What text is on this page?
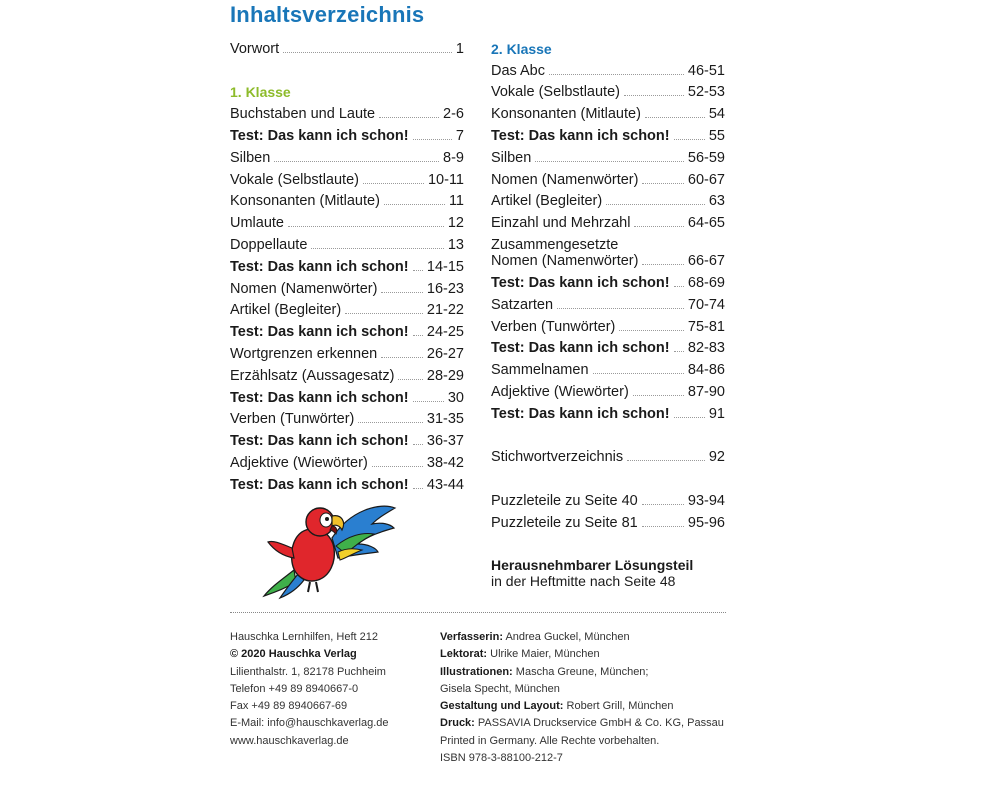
Inhaltsverzeichnis
Vorwort	1
1. Klasse
Buchstaben und Laute	2-6
Test: Das kann ich schon!	7
Silben	8-9
Vokale (Selbstlaute)	10-11
Konsonanten (Mitlaute)	11
Umlaute	12
Doppellaute	13
Test: Das kann ich schon! 14-15
Nomen (Namenwörter)	16-23
Artikel (Begleiter)	21-22
Test: Das kann ich schon! 24-25
Wortgrenzen erkennen	26-27
Erzählsatz (Aussagesatz) 28-29
Test: Das kann ich schon!	30
Verben (Tunwörter)	31-35
Test: Das kann ich schon! 36-37
Adjektive (Wiewörter)	38-42
Test: Das kann ich schon! 43-44
2. Klasse
Das Abc	46-51
Vokale (Selbstlaute)	52-53
Konsonanten (Mitlaute)	54
Test: Das kann ich schon!	55
Silben	56-59
Nomen (Namenwörter)	60-67
Artikel (Begleiter)	63
Einzahl und Mehrzahl	64-65
Zusammengesetzte
Nomen (Namenwörter)	66-67
Test: Das kann ich schon! 68-69
Satzarten	70-74
Verben (Tunwörter)	75-81
Test: Das kann ich schon! 82-83
Sammelnamen	84-86
Adjektive (Wiewörter)	87-90
Test: Das kann ich schon!	91
Stichwortverzeichnis	92
Puzzleteile zu Seite 40	93-94
Puzzleteile zu Seite 81	95-96
Herausnehmbarer Lösungsteil
in der Heftmitte nach Seite 48
Hauschka Lernhilfen, Heft 212
© 2020 Hauschka Verlag
Lilienthalstr. 1, 82178 Puchheim
Telefon +49 89 8940667-0
Fax +49 89 8940667-69
E-Mail: info@hauschkaverlag.de
www.hauschkaverlag.de
Verfasserin: Andrea Guckel, München
Lektorat: Ulrike Maier, München
Illustrationen: Mascha Greune, München;
Gisela Specht, München
Gestaltung und Layout: Robert Grill, München
Druck: PASSAVIA Druckservice GmbH & Co. KG, Passau
Printed in Germany. Alle Rechte vorbehalten.
ISBN 978-3-88100-212-7
